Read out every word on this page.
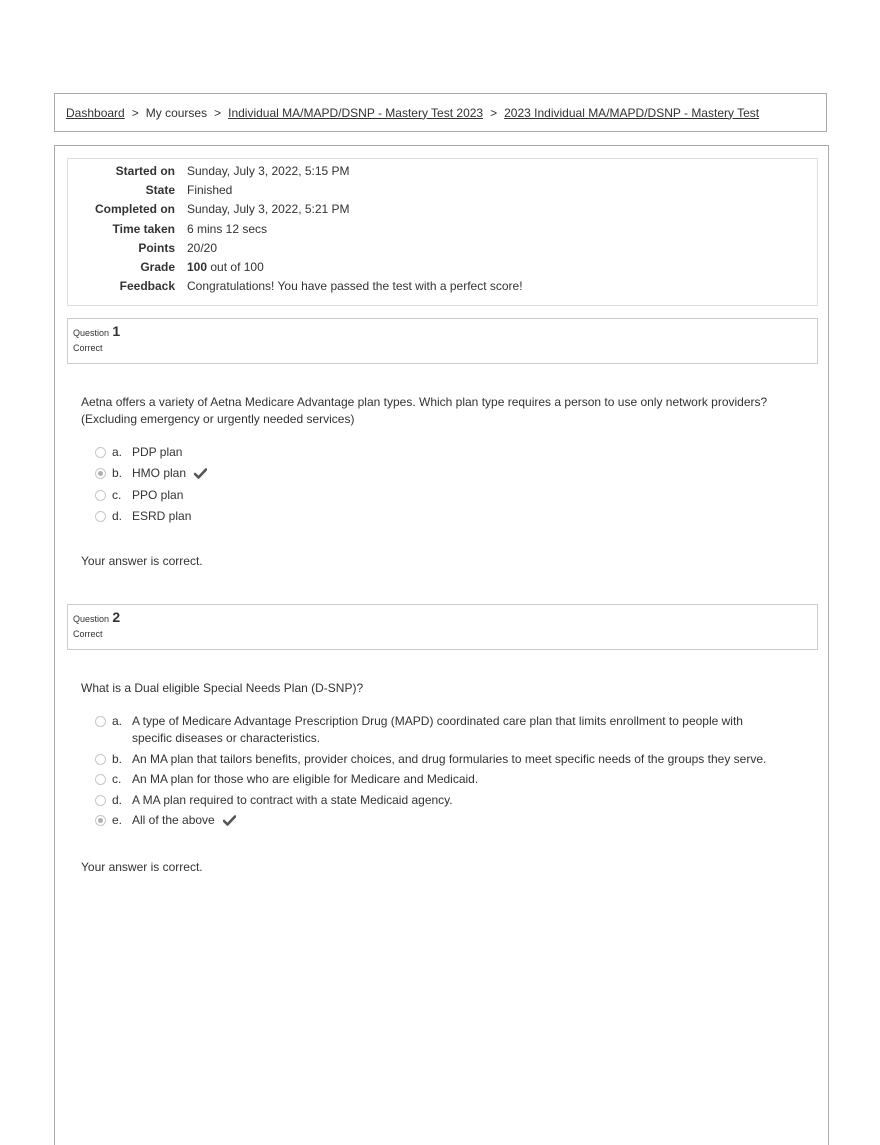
Dashboard > My courses > Individual MA/MAPD/DSNP - Mastery Test 2023 > 2023 Individual MA/MAPD/DSNP - Mastery Test
Started on	Sunday, July 3, 2022, 5:15 PM
State	Finished
Completed on	Sunday, July 3, 2022, 5:21 PM
Time taken	6 mins 12 secs
Points	20/20
Grade	100 out of 100
Feedback	Congratulations! You have passed the test with a perfect score!
Question 1
Correct
Aetna offers a variety of Aetna Medicare Advantage plan types. Which plan type requires a person to use only network providers? (Excluding emergency or urgently needed services)
a. PDP plan
b. HMO plan
c. PPO plan
d. ESRD plan
Your answer is correct.
Question 2
Correct
What is a Dual eligible Special Needs Plan (D-SNP)?
a. A type of Medicare Advantage Prescription Drug (MAPD) coordinated care plan that limits enrollment to people with specific diseases or characteristics.
b. An MA plan that tailors benefits, provider choices, and drug formularies to meet specific needs of the groups they serve.
c. An MA plan for those who are eligible for Medicare and Medicaid.
d. A MA plan required to contract with a state Medicaid agency.
e. All of the above
Your answer is correct.
